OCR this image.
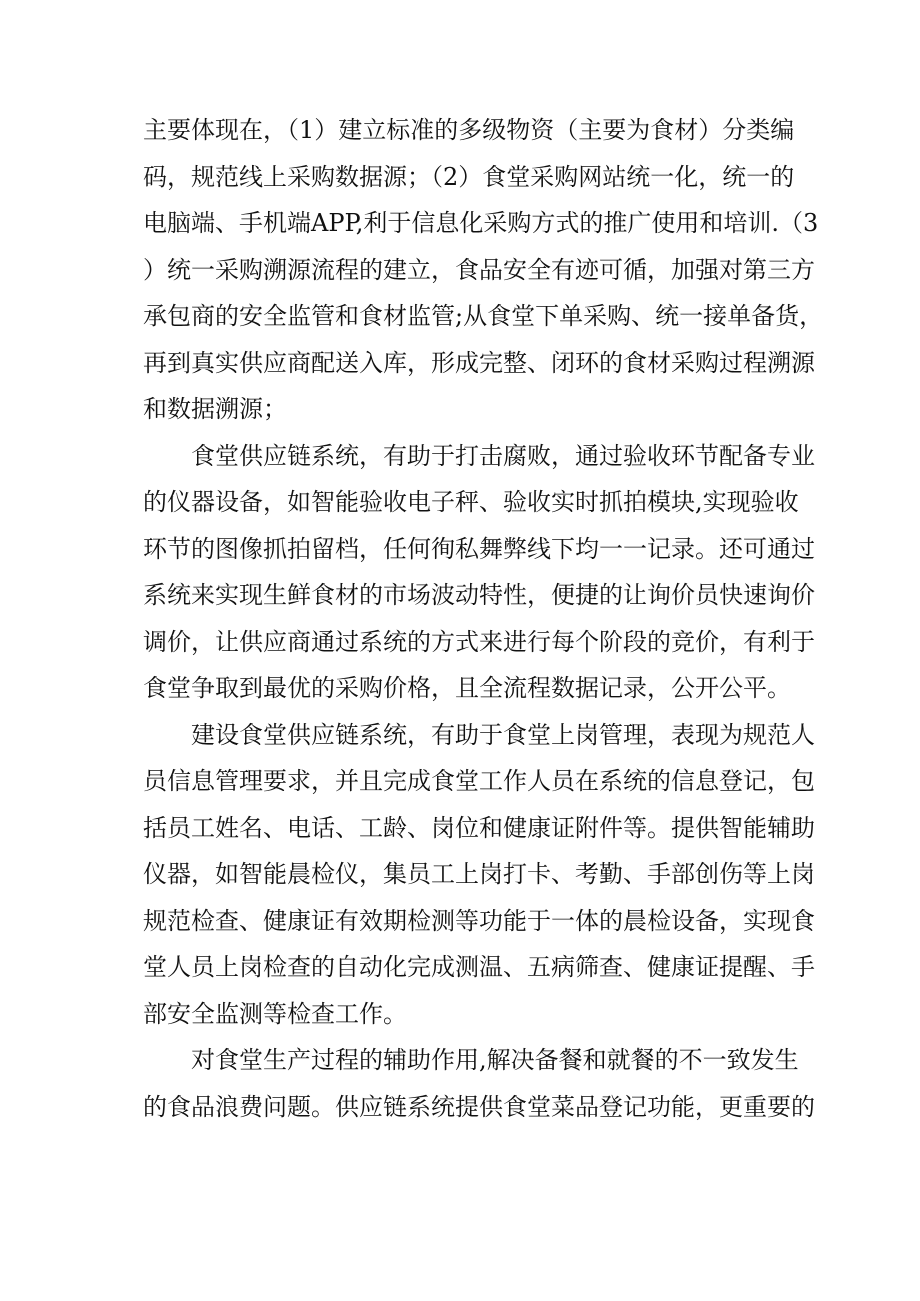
主要体现在，（1）建立标准的多级物资（主要为食材）分类编
码，规范线上采购数据源；（2）食堂采购网站统一化，统一的
电脑端、手机端APP,利于信息化采购方式的推广使用和培训.（3
）统一采购溯源流程的建立，食品安全有迹可循，加强对第三方
承包商的安全监管和食材监管;从食堂下单采购、统一接单备货，
再到真实供应商配送入库，形成完整、闭环的食材采购过程溯源
和数据溯源；

食堂供应链系统，有助于打击腐败，通过验收环节配备专业
的仪器设备，如智能验收电子秤、验收实时抓拍模块,实现验收
环节的图像抓拍留档，任何徇私舞弊线下均一一记录。还可通过
系统来实现生鲜食材的市场波动特性，便捷的让询价员快速询价
调价，让供应商通过系统的方式来进行每个阶段的竞价，有利于
食堂争取到最优的采购价格，且全流程数据记录，公开公平。

建设食堂供应链系统，有助于食堂上岗管理，表现为规范人
员信息管理要求，并且完成食堂工作人员在系统的信息登记，包
括员工姓名、电话、工龄、岗位和健康证附件等。提供智能辅助
仪器，如智能晨检仪，集员工上岗打卡、考勤、手部创伤等上岗
规范检查、健康证有效期检测等功能于一体的晨检设备，实现食
堂人员上岗检查的自动化完成测温、五病筛查、健康证提醒、手
部安全监测等检查工作。

对食堂生产过程的辅助作用,解决备餐和就餐的不一致发生
的食品浪费问题。供应链系统提供食堂菜品登记功能，更重要的
